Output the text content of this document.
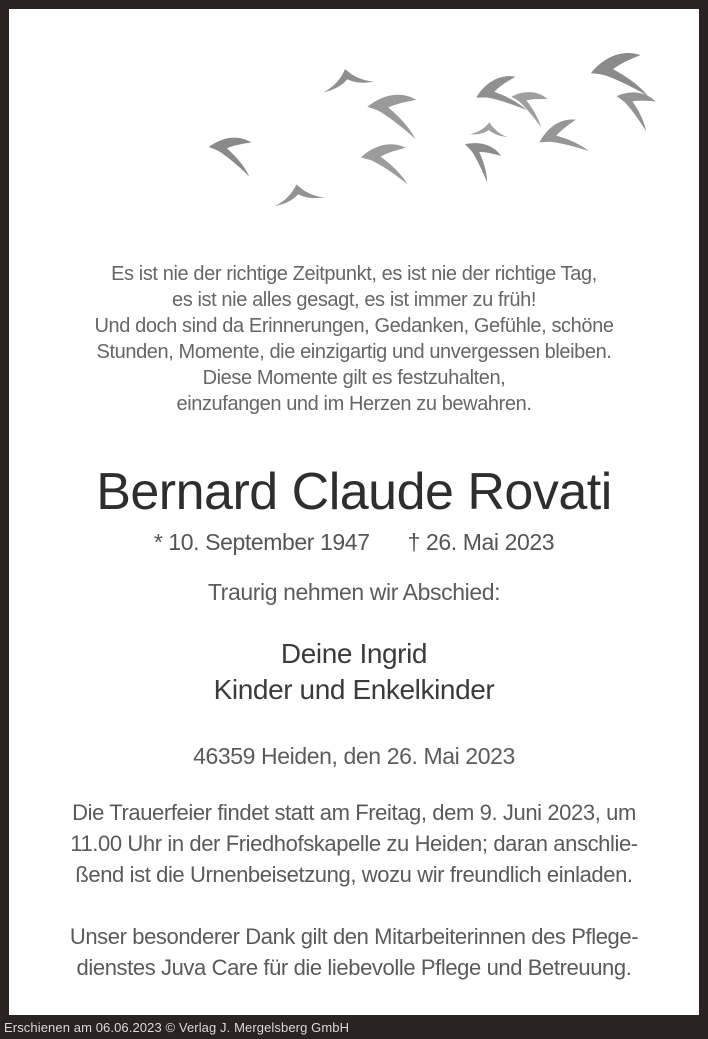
Es ist nie der richtige Zeitpunkt, es ist nie der richtige Tag,
es ist nie alles gesagt, es ist immer zu früh!
Und doch sind da Erinnerungen, Gedanken, Gefühle, schöne
Stunden, Momente, die einzigartig und unvergessen bleiben.
Diese Momente gilt es festzuhalten,
einzufangen und im Herzen zu bewahren.
Bernard Claude Rovati
* 10. September 1947 † 26. Mai 2023
Traurig nehmen wir Abschied:
Deine Ingrid
Kinder und Enkelkinder
46359 Heiden, den 26. Mai 2023
Die Trauerfeier findet statt am Freitag, dem 9. Juni 2023, um
11.00 Uhr in der Friedhofskapelle zu Heiden; daran anschlie-
ßend ist die Urnenbeisetzung, wozu wir freundlich einladen.
Unser besonderer Dank gilt den Mitarbeiterinnen des Pflege-
dienstes Juva Care für die liebevolle Pflege und Betreuung.
Erschienen am 06.06.2023 © Verlag J. Mergelsberg GmbH
